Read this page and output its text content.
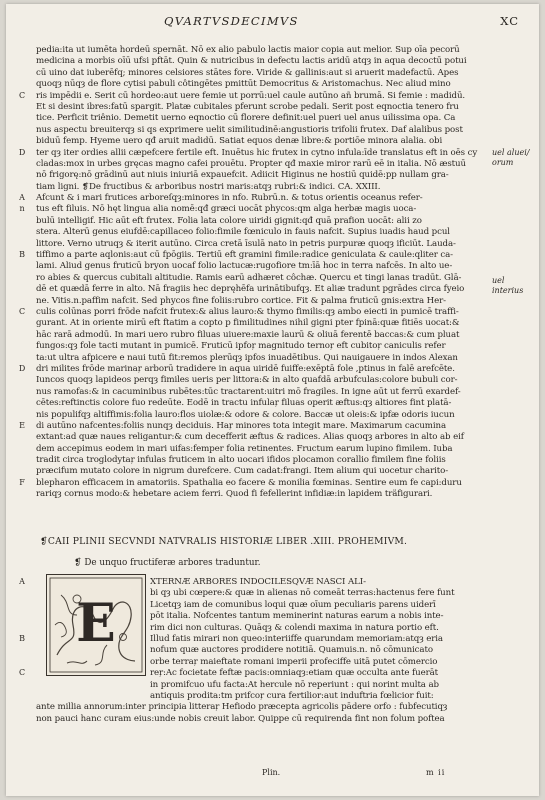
QVARTVSDECIMVS	XC
uel aluei/ orum
uel interius
pedia:ita ut iumēta hordeū spernāt. Nō ex alio pabulo lactis maior copia aut melior. Sup oīa pecorū
medicina a morbis oīū ufsi pftāt. Quin & nutricibus in defectu lactis aridū atqȝ in aqua decoctū potui
cū uino dat iuberēfq; minores celsiores stātes fore. Viride & gallinis:aut si aruerit madefactū. Apes
quoqȝ nūqȝ de flore cytisi pabuli côtingētes pmittūt Democritus & Aristomachus. Nec aliud mino
C	ris impēdii e. Serit cū hordeo:aut uere femie ut porrū:uel caule autūno añ brumā. Si femie : madidū.
Et si desint ibres:fatū spargit. Platæ cubitales pferunt scrobe pedali. Serit post eqnoctia tenero fru
tice. Perficit triênio. Demetit uerno eqnoctio cū florere definit:uel pueri uel anus uilissima opa. Ca
nus aspectu breuiterqȝ si qs exprimere uelit similitudinē:angustioris trifolii frutex. Daf alalibus post
biduū femp. Hyeme uero qđ aruit madidū. Satiat equos denæ libre:& portiōe minora alalia. obi
D	ter qȝ iter ordies allii cæpefcere fertile eft. Inuētus hic frutex in cytno infula:īde translatus eft in oēs cy
cladas:mox in urbes gręcas magno cafei prouētu. Propter qđ maxie miror rarū eē in italia. Nō æstuū
nō frigorę:nō grādinū aut niuis iniuriā expauefcit. Adiicit Higinus ne hostiū quidē:pp nullam gra-
tiam ligni. ❡De fructibus & arboribus nostri maris:atqȝ rubri:& indici. CA. XXIII.
A	Afcunt & i mari frutices arboreſqȝ:minores in nfo. Rubrū.n. & totus orientis oceanus refer-
n	tus eft filuis. Nō hęt lingua alia nomē:qđ græci uocāt phycos:qm alga herbæ magis uoca-
bulū intelligif. Hic aūt eft frutex. Folia lata colore uiridi gignit:qđ quā prafion uocāt: alii zo
stera. Alterū genus eiufdē:capillaceo folio:fimile fœniculo in fauis nafcit. Supius iuadis haud pcul
littore. Verno utruqȝ & iterit autūno. Circa cretā īsulā nato in petris purpuræ quoqȝ ificiūt. Lauda-
B	tiffimo a parte aqlonis:aut cū fpōgiis. Tertiū eft gramini fimile:radice geniculata & caule:qliter ca-
lami. Aliud genus fruticū bryon uocaf folio lactucæ:rugofiore tm:īā hoc in terra nafcēs. In alto ue-
ro abies & quercus cubitali altitudie. Ramis earū adhæret côchæ. Quercu et tingi lanas tradūt. Glā-
dē et quædā ferre in alto. Nā fragiis hec depręhēfa urinātibufqȝ. Et aliæ tradunt pgrādes circa fyeio
ne. Vitis.n.paffim nafcit. Sed phycos fine foliis:rubro cortice. Fit & palma fruticū gnis:extra Her-
C	culis colūnas porri frōde nafcit frutex:& alius lauro:& thymo fimilis:qȝ ambo eiecti in pumicē traffi-
gurant. At in oriente mirū eft ftatim a copto p fimilitudines nihil gigni pter fpinā:quæ fitiēs uocat:&
hāc rarā admodū. In mari uero rubro filuas uiuere:maxie laurū & oliuā ferentē baccas:& cum pluat
fungos:qȝ fole tacti mutant in pumicē. Fruticū ipfoŗ magnitudo ternoŗ eft cubitoŗ caniculis refer
ta:ut ultra afpicere e naui tutū fit:remos plerūqȝ ipfos inuadētibus. Qui nauigauere in indos Alexan
D	dri milites frōde marinaŗ arborū tradidere in aqua uiridē fuiffe:exēptā fole ,ptinus in falē arefcēte.
Iuncos quoqȝ lapideos perqȝ fimiles ueris per littora:& in alto quafdā arbufculas:colore bubuli cor-
nus ramofas:& in cacuminibus rubētes:tūc tractarent:uitri mō fragiles. In igne aūt ut ferrū exardef-
cētes:reftinctis colore fuo redeūte. Eodē in tractu infulaŗ filuas operit æftus:qȝ altiores fint platā-
nis populifqȝ altiffimis:folia lauro:flos uiolæ:& odore & colore. Baccæ ut oleis:& ipfæ odoris iucun
E	di autūno nafcentes:foliis nunqȝ deciduis. Haŗ minores tota integit mare. Maximarum cacumina
extant:ad quæ naues religantur:& cum decefferit æftus & radices. Alias quoqȝ arbores in alto ab eif
dem accepimus eodem in mari uifas:femper folia retinentes. Fructum earum lupino fimilem. Iuba
tradit circa troglodytaŗ infulas fruticem in alto uocari ifidos plocamon corallio fimilem fine foliis
præcifum mutato colore in nigrum durefcere. Cum cadat:frangi. Item alium qui uocetur charito-
F	blepharon efficacem in amatoriis. Spathalia eo facere & monilia fœminas. Sentire eum fe capi:duru
rariqȝ cornus modo:& hebetare aciem ferri. Quod fi fefellerint infidiæ:in lapidem träfigurari.
❡CAII PLINII SECVNDI NATVRALIS HISTORIÆ LIBER .XIII. PROHEMIVM.
❡ De unquo fructiferæ arbores traduntur.
E
A	XTERNÆ ARBORES INDOCILESQVÆ NASCI ALI-
bi qȝ ubi cœpere:& quæ in alienas nō comeāt terras:hactenus fere funt
Licetqȝ iam de comunibus loqui quæ oīum peculiaris parens uiderī
pōt italia. Nofcentes tantum meminerint naturas earum a nobis inte-
rim dici non culturas. Quāqȝ & colendi maxima in natura portio eft.
B	Illud fatis mirari non queo:interiiffe quarundam memoriam:atqȝ eria
nofum quæ auctores prodidere notitiā. Quamuis.n. nō cōmunicato
orbe terraŗ maieftate romani imperii profeciffe uitā putet cōmercio
C	reŗ:Ac focietate feftæ pacis:omniaqȝ:etiam quæ occulta ante fuerāt
in promifcuo ufu facta:At hercule nō reperiunt : qui norint multa ab
antiquis prodita:tm prifcoŗ cura fertilior:aut induftria fœlicior fuit:
ante millia annorum:inter principia litteraŗ Hefiodo præcepta agricolis pādere orfo : fubfecutiqȝ
non pauci hanc curam eius:unde nobis creuit labor. Quippe cū requirenda fint non folum poftea
Plin.	m ii
